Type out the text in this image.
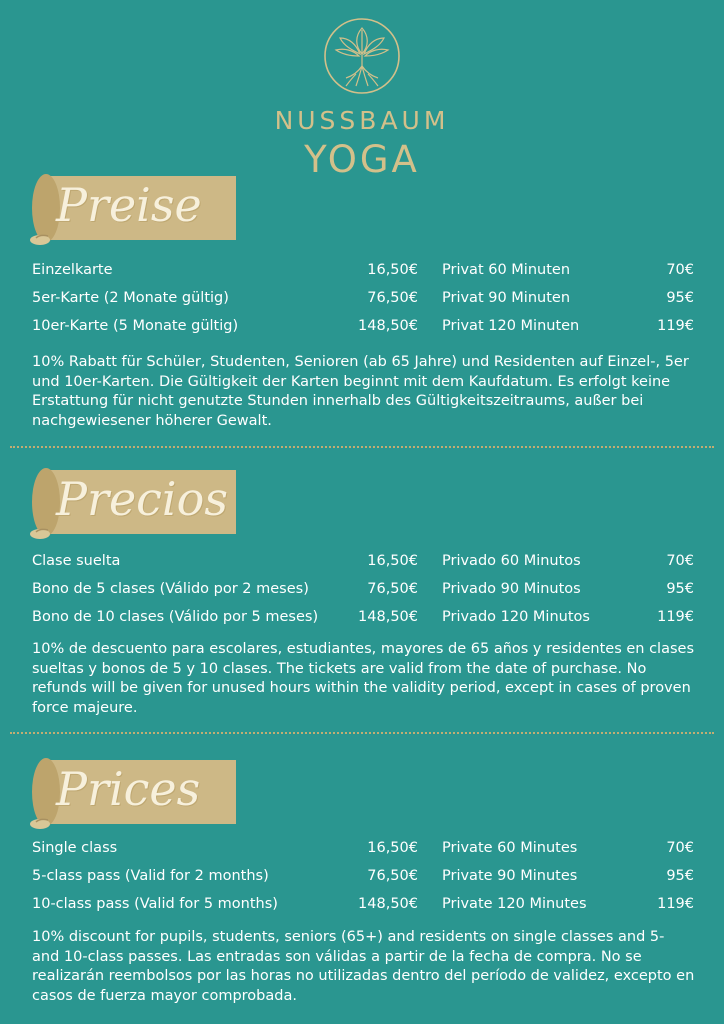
NUSSBAUM
YOGA
Preise
Einzelkarte	16,50€ Privat 60 Minuten	70€
5er-Karte (2 Monate gültig)	76,50€ Privat 90 Minuten	95€
10er-Karte (5 Monate gültig)	148,50€ Privat 120 Minuten	119€
10% Rabatt für Schüler, Studenten, Senioren (ab 65 Jahre) und Residenten auf Einzel-, 5er und 10er-Karten. Die Gültigkeit der Karten beginnt mit dem Kaufdatum. Es erfolgt keine Erstattung für nicht genutzte Stunden innerhalb des Gültigkeitszeitraums, außer bei nachgewiesener höherer Gewalt.
Precios
Clase suelta	16,50€ Privado 60 Minutos	70€
Bono de 5 clases (Válido por 2 meses)	76,50€ Privado 90 Minutos	95€
Bono de 10 clases (Válido por 5 meses)	148,50€ Privado 120 Minutos	119€
10% de descuento para escolares, estudiantes, mayores de 65 años y residentes en clases sueltas y bonos de 5 y 10 clases. The tickets are valid from the date of purchase. No refunds will be given for unused hours within the validity period, except in cases of proven force majeure.
Prices
Single class	16,50€ Private 60 Minutes	70€
5-class pass (Valid for 2 months)	76,50€ Private 90 Minutes	95€
10-class pass (Valid for 5 months)	148,50€ Private 120 Minutes	119€
10% discount for pupils, students, seniors (65+) and residents on single classes and 5- and 10-class passes. Las entradas son válidas a partir de la fecha de compra. No se realizarán reembolsos por las horas no utilizadas dentro del período de validez, excepto en casos de fuerza mayor comprobada.
